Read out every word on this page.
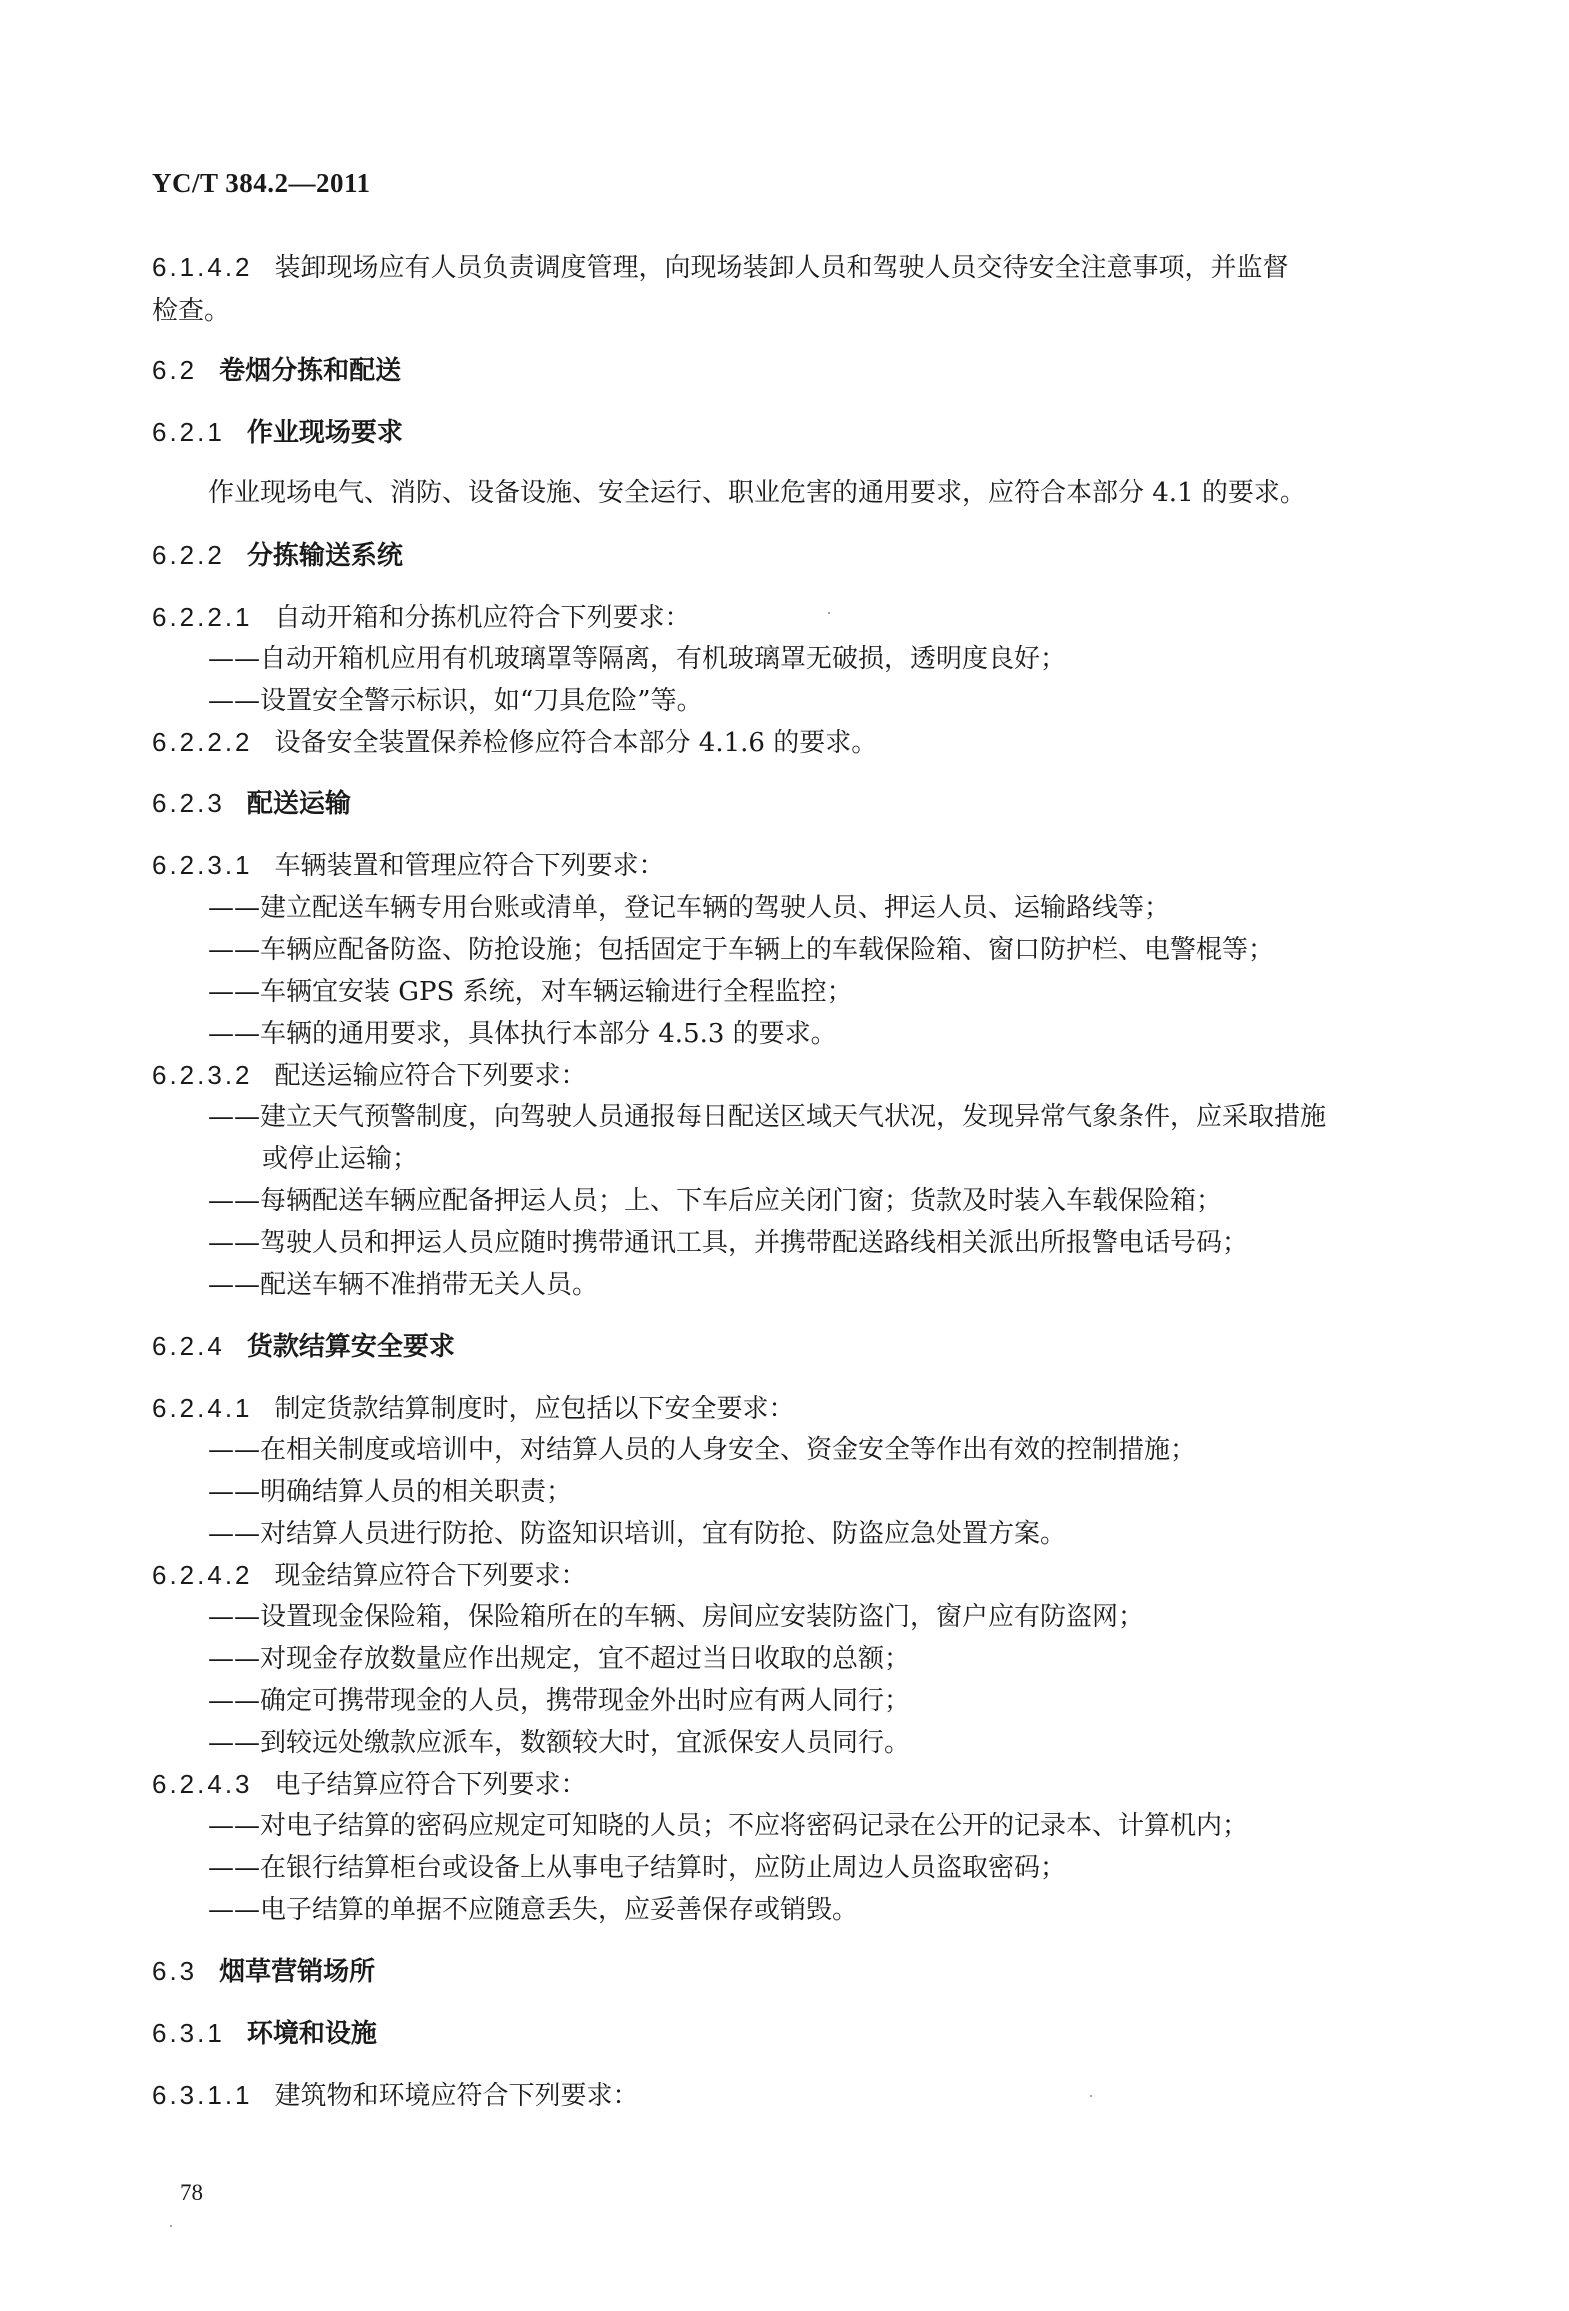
YC/T 384.2—2011
6.1.4.2 装卸现场应有人员负责调度管理，向现场装卸人员和驾驶人员交待安全注意事项，并监督
检查。
6.2 卷烟分拣和配送
6.2.1 作业现场要求
作业现场电气、消防、设备设施、安全运行、职业危害的通用要求，应符合本部分 4.1 的要求。
6.2.2 分拣输送系统
6.2.2.1 自动开箱和分拣机应符合下列要求：
——自动开箱机应用有机玻璃罩等隔离，有机玻璃罩无破损，透明度良好；
——设置安全警示标识，如“刀具危险”等。
6.2.2.2 设备安全装置保养检修应符合本部分 4.1.6 的要求。
6.2.3 配送运输
6.2.3.1 车辆装置和管理应符合下列要求：
——建立配送车辆专用台账或清单，登记车辆的驾驶人员、押运人员、运输路线等；
——车辆应配备防盗、防抢设施；包括固定于车辆上的车载保险箱、窗口防护栏、电警棍等；
——车辆宜安装 GPS 系统，对车辆运输进行全程监控；
——车辆的通用要求，具体执行本部分 4.5.3 的要求。
6.2.3.2 配送运输应符合下列要求：
——建立天气预警制度，向驾驶人员通报每日配送区域天气状况，发现异常气象条件，应采取措施
或停止运输；
——每辆配送车辆应配备押运人员；上、下车后应关闭门窗；货款及时装入车载保险箱；
——驾驶人员和押运人员应随时携带通讯工具，并携带配送路线相关派出所报警电话号码；
——配送车辆不准捎带无关人员。
6.2.4 货款结算安全要求
6.2.4.1 制定货款结算制度时，应包括以下安全要求：
——在相关制度或培训中，对结算人员的人身安全、资金安全等作出有效的控制措施；
——明确结算人员的相关职责；
——对结算人员进行防抢、防盗知识培训，宜有防抢、防盗应急处置方案。
6.2.4.2 现金结算应符合下列要求：
——设置现金保险箱，保险箱所在的车辆、房间应安装防盗门，窗户应有防盗网；
——对现金存放数量应作出规定，宜不超过当日收取的总额；
——确定可携带现金的人员，携带现金外出时应有两人同行；
——到较远处缴款应派车，数额较大时，宜派保安人员同行。
6.2.4.3 电子结算应符合下列要求：
——对电子结算的密码应规定可知晓的人员；不应将密码记录在公开的记录本、计算机内；
——在银行结算柜台或设备上从事电子结算时，应防止周边人员盗取密码；
——电子结算的单据不应随意丢失，应妥善保存或销毁。
6.3 烟草营销场所
6.3.1 环境和设施
6.3.1.1 建筑物和环境应符合下列要求：
78
